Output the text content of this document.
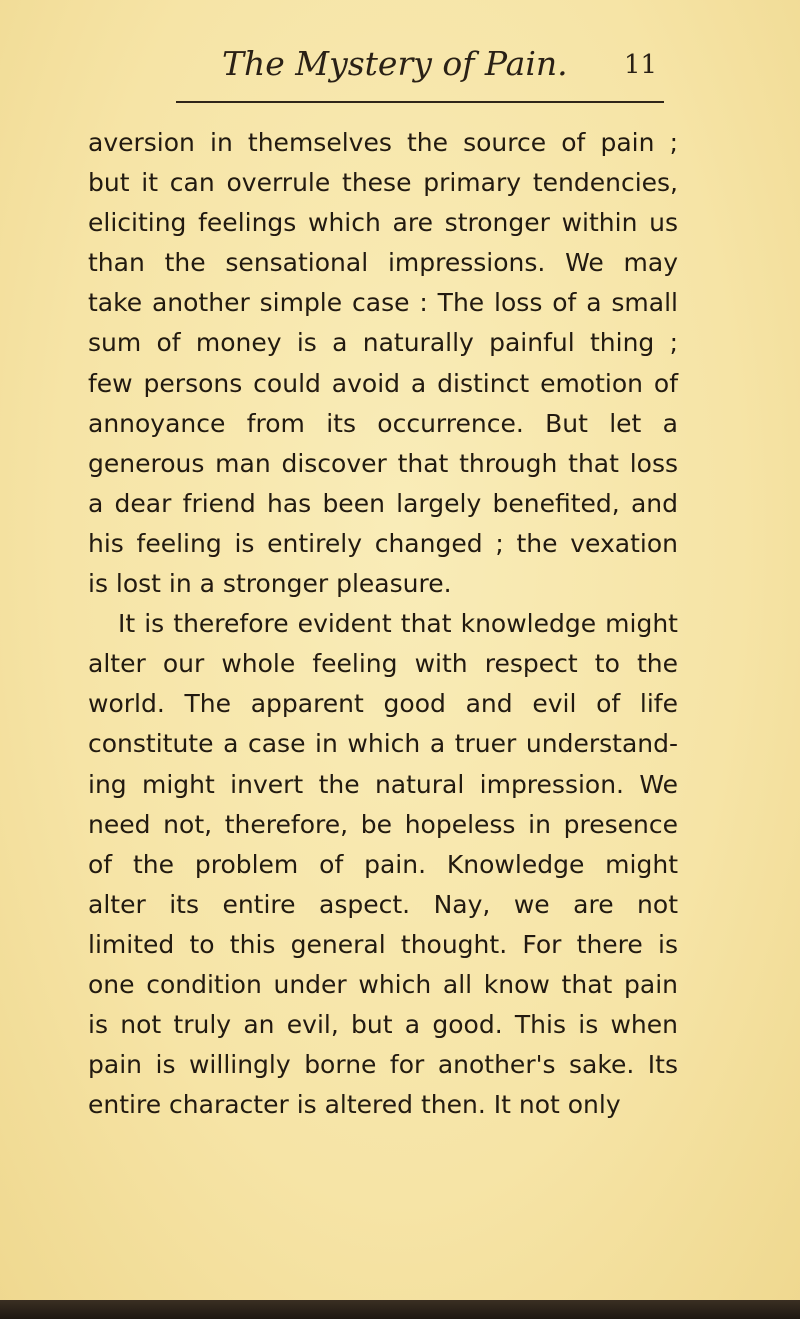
The Mystery of Pain. 11
aversion in themselves the source of pain ;
but it can overrule these primary tendencies,
eliciting feelings which are stronger within us
than the sensational impressions. We may
take another simple case : The loss of a small
sum of money is a naturally painful thing ;
few persons could avoid a distinct emotion of
annoyance from its occurrence. But let a
generous man discover that through that loss
a dear friend has been largely benefited, and
his feeling is entirely changed ; the vexation
is lost in a stronger pleasure.
It is therefore evident that knowledge might
alter our whole feeling with respect to the
world. The apparent good and evil of life
constitute a case in which a truer understand-
ing might invert the natural impression. We
need not, therefore, be hopeless in presence
of the problem of pain. Knowledge might
alter its entire aspect. Nay, we are not
limited to this general thought. For there is
one condition under which all know that pain
is not truly an evil, but a good. This is when
pain is willingly borne for another's sake. Its
entire character is altered then. It not only
